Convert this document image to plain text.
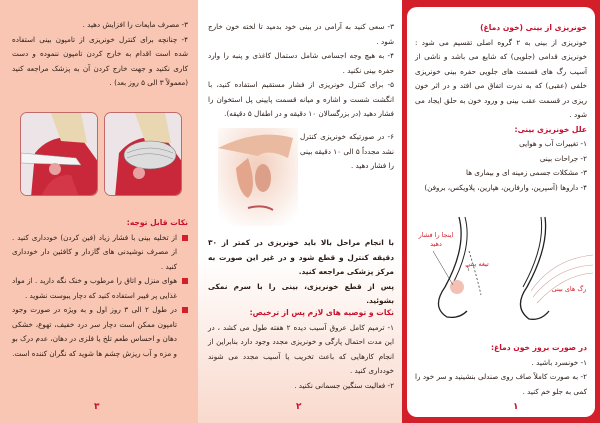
۳- مصرف مایعات را افزایش دهید .
۴- چنانچه برای کنترل خونریزی از تامپون بینی استفاده شده است اقدام به خارج کردن تامپون ننموده و دست کاری نکنید و جهت خارج کردن آن به پزشک مراجعه کنید (معمولاً ۳ الی ۵ روز بعد) .
نکات قابل توجه:
از تخلیه بینی با فشار زیاد (فین کردن) خودداری کنید . از مصرف نوشیدنی های گازدار و کافئین دار خودداری کنید .
هوای منزل و اتاق را مرطوب و خنک نگه دارید . از مواد غذایی پر فیبر استفاده کنید که دچار یبوست نشوید .
در طول ۲ الی ۳ روز اول و به ویژه در صورت وجود تامپون ممکن است دچار سر درد خفیف، تهوع، خشکی دهان و احساس طعم تلخ یا فلزی در دهان، عدم درک بو و مزه و آب ریزش چشم ها شوید که نگران کننده است.
۳
۳- سعی کنید به آرامی در بینی خود بدمید تا لخته خون خارج شود .
۴- به هیچ وجه اجسامی شامل دستمال کاغذی و پنبه را وارد حفره بینی نکنید .
۵- برای کنترل خونریزی از فشار مستقیم استفاده کنید، با انگشت شست و اشاره و میانه قسمت پایینی پل استخوان را فشار دهید (در بزرگسالان ۱۰ دقیقه و در اطفال ۵ دقیقه).
۶- در صورتیکه خونریزی کنترل نشد مجدداً ۵ الی ۱۰ دقیقه بینی را فشار دهید .
با انجام مراحل بالا باید خونریزی در کمتر از ۳۰ دقیقه کنترل و قطع شود و در غیر این صورت به مرکز پزشکی مراجعه کنید.
پس از قطع خونریزی، بینی را با سرم نمکی بشوئید.
نکات و توصیه های لازم پس از ترخیص:
۱- ترمیم کامل عروق آسیب دیده ۲ هفته طول می کشد ، در این مدت احتمال پارگی و خونریزی مجدد وجود دارد بنابراین از انجام کارهایی که باعث تخریب یا آسیب مجدد می شوند خودداری کنید .
۲- فعالیت سنگین جسمانی نکنید .
۲
خونریزی از بینی (خون دماغ)
خونریزی از بینی به ۲ گروه اصلی تقسیم می شود : خونریزی قدامی (جلویی) که شایع می باشد و ناشی از آسیب رگ های قسمت های جلویی حفره بینی خونریزی خلفی (عقبی) که به ندرت اتفاق می افتد و در اثر خون ریزی در قسمت عقب بینی و ورود خون به حلق ایجاد می شود .
علل خونریزی بینی:
۱- تغییرات آب و هوایی
۲- جراحات بینی
۳- مشکلات جسمی زمینه ای و بیماری ها
۴- داروها (آسپرین، وارفارین، هپارین، پلاویکس، بروفن)
اینجا را فشار دهید
تیغه بینی
رگ های بینی
در صورت بروز خون دماغ:
۱- خونسرد باشید .
۲- به صورت کاملاً صاف روی صندلی بنشینید و سر خود را کمی به جلو خم کنید .
۱
